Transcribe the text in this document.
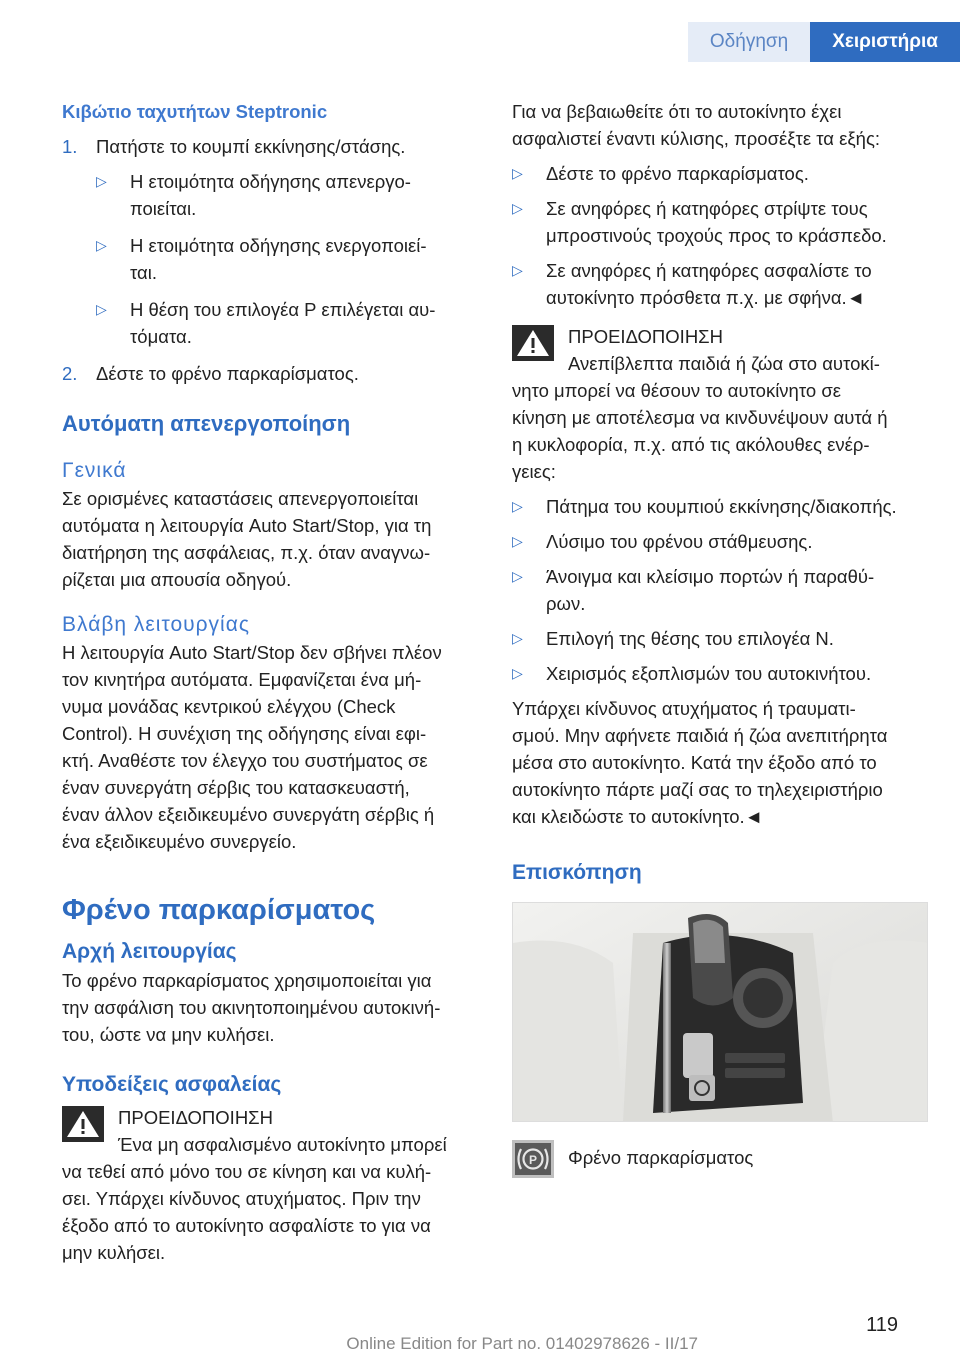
Οδήγηση	Χειριστήρια
Κιβώτιο ταχυτήτων Steptronic
1.	Πατήστε το κουμπί εκκίνησης/στάσης.
▷	Η ετοιμότητα οδήγησης απενεργο‐
ποιείται.
▷	Η ετοιμότητα οδήγησης ενεργοποιεί‐
ται.
▷	Η θέση του επιλογέα P επιλέγεται αυ‐
τόματα.
2.	Δέστε το φρένο παρκαρίσματος.
Αυτόματη απενεργοποίηση
Γενικά
Σε ορισμένες καταστάσεις απενεργοποιείται
αυτόματα η λειτουργία Auto Start/Stop, για τη
διατήρηση της ασφάλειας, π.χ. όταν αναγνω‐
ρίζεται μια απουσία οδηγού.
Βλάβη λειτουργίας
Η λειτουργία Auto Start/Stop δεν σβήνει πλέον
τον κινητήρα αυτόματα. Εμφανίζεται ένα μή‐
νυμα μονάδας κεντρικού ελέγχου (Check
Control). Η συνέχιση της οδήγησης είναι εφι‐
κτή. Αναθέστε τον έλεγχο του συστήματος σε
έναν συνεργάτη σέρβις του κατασκευαστή,
έναν άλλον εξειδικευμένο συνεργάτη σέρβις ή
ένα εξειδικευμένο συνεργείο.
Φρένο παρκαρίσματος
Αρχή λειτουργίας
Το φρένο παρκαρίσματος χρησιμοποιείται για
την ασφάλιση του ακινητοποιημένου αυτοκινή‐
του, ώστε να μην κυλήσει.
Υποδείξεις ασφαλείας
ΠΡΟΕΙΔΟΠΟΙΗΣΗ
Ένα μη ασφαλισμένο αυτοκίνητο μπορεί
να τεθεί από μόνο του σε κίνηση και να κυλή‐
σει. Υπάρχει κίνδυνος ατυχήματος. Πριν την
έξοδο από το αυτοκίνητο ασφαλίστε το για να
μην κυλήσει.
Για να βεβαιωθείτε ότι το αυτοκίνητο έχει
ασφαλιστεί έναντι κύλισης, προσέξτε τα εξής:
▷	Δέστε το φρένο παρκαρίσματος.
▷	Σε ανηφόρες ή κατηφόρες στρίψτε τους
μπροστινούς τροχούς προς το κράσπεδο.
▷	Σε ανηφόρες ή κατηφόρες ασφαλίστε το
αυτοκίνητο πρόσθετα π.χ. με σφήνα.◄
ΠΡΟΕΙΔΟΠΟΙΗΣΗ
Ανεπίβλεπτα παιδιά ή ζώα στο αυτοκί‐
νητο μπορεί να θέσουν το αυτοκίνητο σε
κίνηση με αποτέλεσμα να κινδυνέψουν αυτά ή
η κυκλοφορία, π.χ. από τις ακόλουθες ενέρ‐
γειες:
▷	Πάτημα του κουμπιού εκκίνησης/διακοπής.
▷	Λύσιμο του φρένου στάθμευσης.
▷	Άνοιγμα και κλείσιμο πορτών ή παραθύ‐
ρων.
▷	Επιλογή της θέσης του επιλογέα N.
▷	Χειρισμός εξοπλισμών του αυτοκινήτου.
Υπάρχει κίνδυνος ατυχήματος ή τραυματι‐
σμού. Μην αφήνετε παιδιά ή ζώα ανεπιτήρητα
μέσα στο αυτοκίνητο. Κατά την έξοδο από το
αυτοκίνητο πάρτε μαζί σας το τηλεχειριστήριο
και κλειδώστε το αυτοκίνητο.◄
Επισκόπηση
P Φρένο παρκαρίσματος
119
Online Edition for Part no. 01402978626 - II/17
